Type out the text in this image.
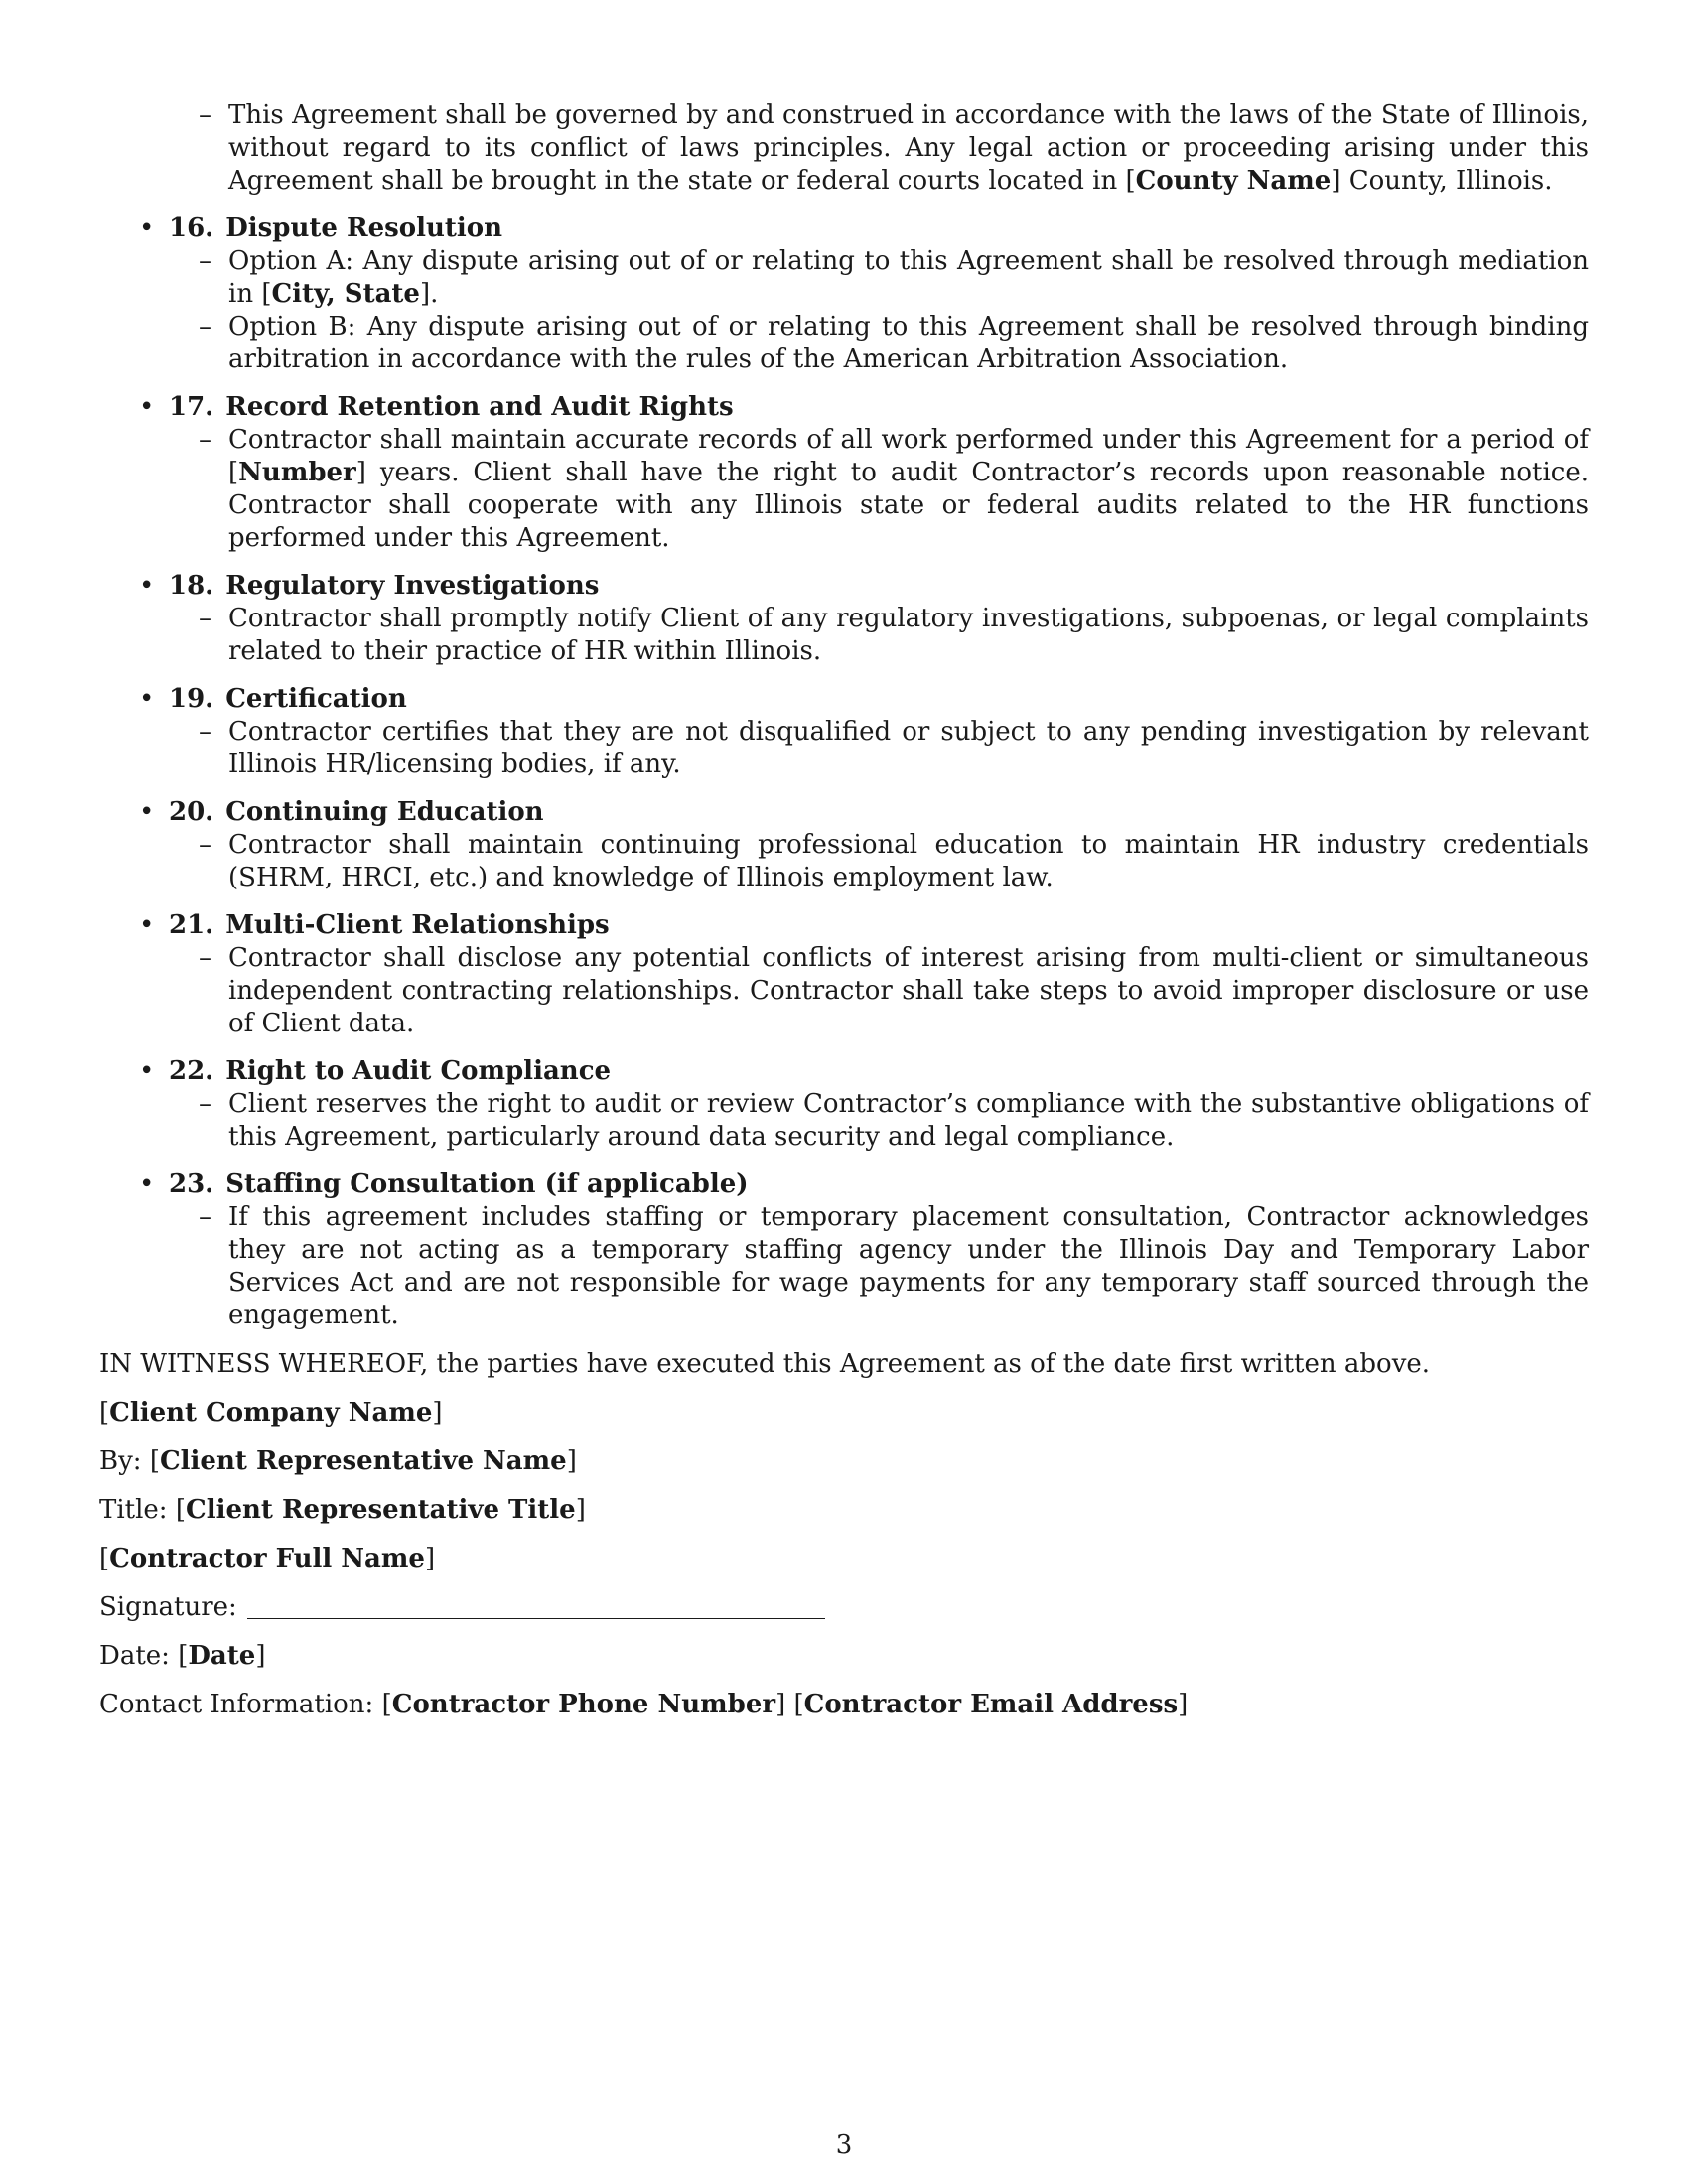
– This Agreement shall be governed by and construed in accordance with the laws of the State of Illinois, without regard to its conflict of laws principles. Any legal action or proceeding arising under this Agreement shall be brought in the state or federal courts located in [County Name] County, Illinois.
• 16. Dispute Resolution
– Option A: Any dispute arising out of or relating to this Agreement shall be resolved through mediation in [City, State].
– Option B: Any dispute arising out of or relating to this Agreement shall be resolved through binding arbitration in accordance with the rules of the American Arbitration Association.
• 17. Record Retention and Audit Rights
– Contractor shall maintain accurate records of all work performed under this Agreement for a period of [Number] years. Client shall have the right to audit Contractor’s records upon reasonable notice. Contractor shall cooperate with any Illinois state or federal audits related to the HR functions performed under this Agreement.
• 18. Regulatory Investigations
– Contractor shall promptly notify Client of any regulatory investigations, subpoenas, or legal complaints related to their practice of HR within Illinois.
• 19. Certification
– Contractor certifies that they are not disqualified or subject to any pending investigation by relevant Illinois HR/licensing bodies, if any.
• 20. Continuing Education
– Contractor shall maintain continuing professional education to maintain HR industry credentials (SHRM, HRCI, etc.) and knowledge of Illinois employment law.
• 21. Multi-Client Relationships
– Contractor shall disclose any potential conflicts of interest arising from multi-client or simultaneous independent contracting relationships. Contractor shall take steps to avoid improper disclosure or use of Client data.
• 22. Right to Audit Compliance
– Client reserves the right to audit or review Contractor’s compliance with the substantive obligations of this Agreement, particularly around data security and legal compliance.
• 23. Staffing Consultation (if applicable)
– If this agreement includes staffing or temporary placement consultation, Contractor acknowledges they are not acting as a temporary staffing agency under the Illinois Day and Temporary Labor Services Act and are not responsible for wage payments for any temporary staff sourced through the engagement.
IN WITNESS WHEREOF, the parties have executed this Agreement as of the date first written above.
[Client Company Name]
By: [Client Representative Name]
Title: [Client Representative Title]
[Contractor Full Name]
Signature:
Date: [Date]
Contact Information: [Contractor Phone Number] [Contractor Email Address]
3
